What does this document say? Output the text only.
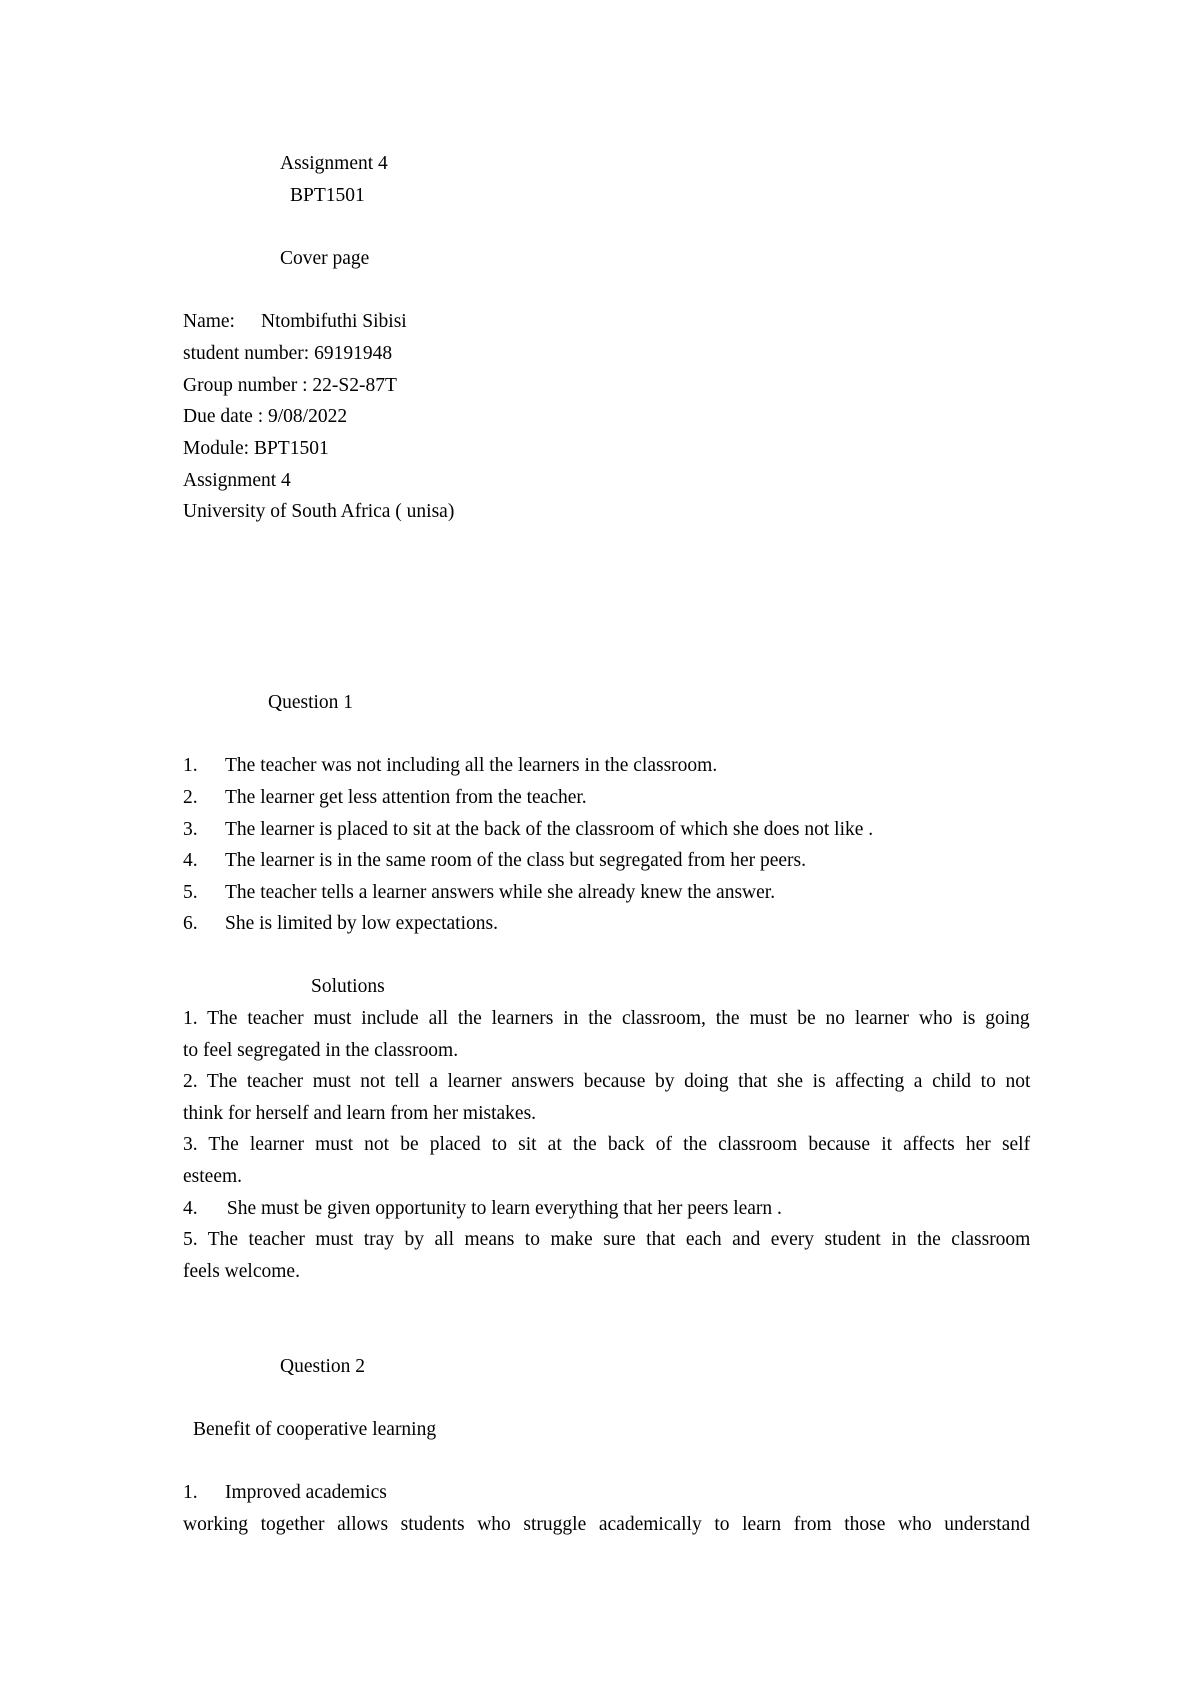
Assignment 4
BPT1501
Cover page
Name: Ntombifuthi Sibisi
student number: 69191948
Group number : 22-S2-87T
Due date : 9/08/2022
Module: BPT1501
Assignment 4
University of South Africa ( unisa)
Question 1
1. The teacher was not including all the learners in the classroom.
2. The learner get less attention from the teacher.
3. The learner is placed to sit at the back of the classroom of which she does not like .
4. The learner is in the same room of the class but segregated from her peers.
5. The teacher tells a learner answers while she already knew the answer.
6. She is limited by low expectations.
Solutions
1. The teacher must include all the learners in the classroom, the must be no learner who is going
to feel segregated in the classroom.
2. The teacher must not tell a learner answers because by doing that she is affecting a child to not
think for herself and learn from her mistakes.
3. The learner must not be placed to sit at the back of the classroom because it affects her self
esteem.
4.      She must be given opportunity to learn everything that her peers learn .
5. The teacher must tray by all means to make sure that each and every student in the classroom
feels welcome.
Question 2
Benefit of cooperative learning
1. Improved academics
working together allows students who struggle academically to learn from those who understand
